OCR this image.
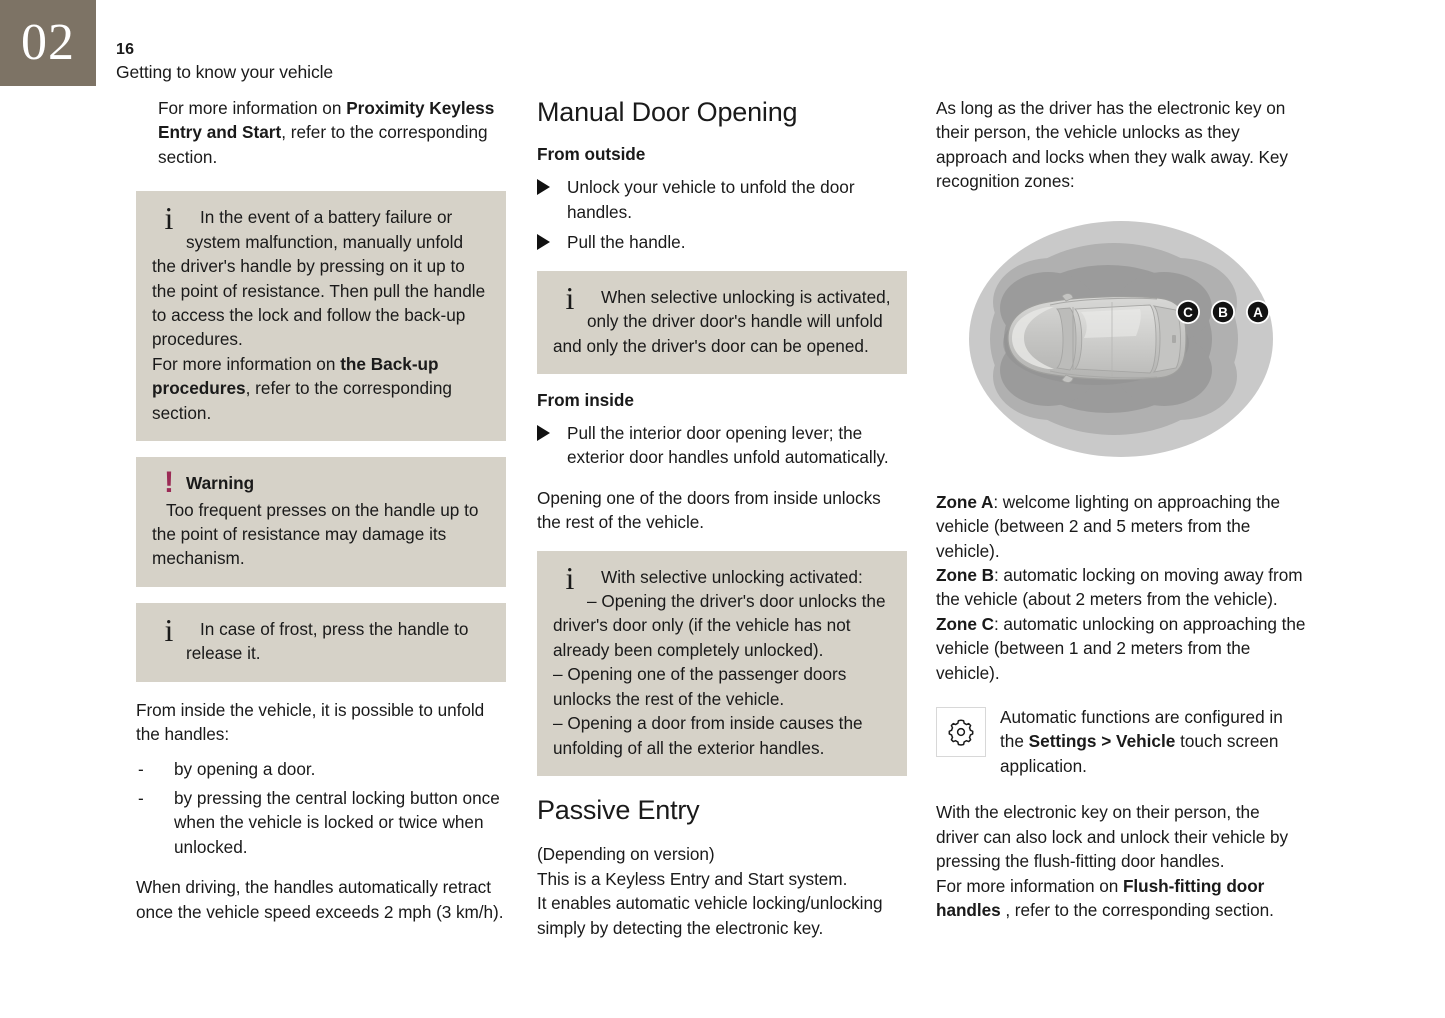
02	16
Getting to know your vehicle
For more information on Proximity Keyless Entry and Start, refer to the corresponding section.
i	In the event of a battery failure or system malfunction, manually unfold the driver's handle by pressing on it up to the point of resistance. Then pull the handle to access the lock and follow the back-up procedures.
For more information on the Back-up procedures, refer to the corresponding section.
! Warning
Too frequent presses on the handle up to the point of resistance may damage its mechanism.
i	In case of frost, press the handle to release it.

From inside the vehicle, it is possible to unfold the handles:

- by opening a door.
- by pressing the central locking button once when the vehicle is locked or twice when unlocked.

When driving, the handles automatically retract once the vehicle speed exceeds 2 mph (3 km/h).

Manual Door Opening
From outside
Unlock your vehicle to unfold the door handles.
Pull the handle.
i	When selective unlocking is activated, only the driver door's handle will unfold and only the driver's door can be opened.
From inside
Pull the interior door opening lever; the exterior door handles unfold automatically.

Opening one of the doors from inside unlocks the rest of the vehicle.

i	With selective unlocking activated:
– Opening the driver's door unlocks the driver's door only (if the vehicle has not already been completely unlocked).
– Opening one of the passenger doors unlocks the rest of the vehicle.
– Opening a door from inside causes the unfolding of all the exterior handles.
Passive Entry

(Depending on version)
This is a Keyless Entry and Start system.
It enables automatic vehicle locking/unlocking simply by detecting the electronic key.

As long as the driver has the electronic key on their person, the vehicle unlocks as they approach and locks when they walk away. Key recognition zones:

C B A

Zone A: welcome lighting on approaching the vehicle (between 2 and 5 meters from the vehicle).
Zone B: automatic locking on moving away from the vehicle (about 2 meters from the vehicle).
Zone C: automatic unlocking on approaching the vehicle (between 1 and 2 meters from the vehicle).

Automatic functions are configured in the Settings > Vehicle touch screen application.

With the electronic key on their person, the driver can also lock and unlock their vehicle by pressing the flush-fitting door handles.
For more information on Flush-fitting door handles , refer to the corresponding section.
